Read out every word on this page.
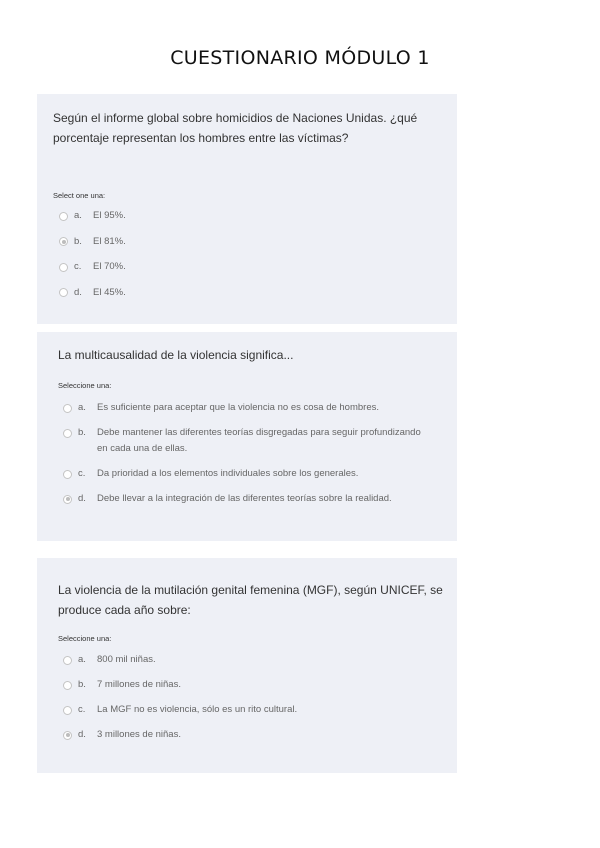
CUESTIONARIO MÓDULO 1
Según el informe global sobre homicidios de Naciones Unidas. ¿qué porcentaje representan los hombres entre las víctimas?
Select one una:
a.	El 95%.
b.	El 81%.
c.	El 70%.
d.	El 45%.
La multicausalidad de la violencia significa...
Seleccione una:
a.	Es suficiente para aceptar que la violencia no es cosa de hombres.
b.	Debe mantener las diferentes teorías disgregadas para seguir profundizando en cada una de ellas.
c.	Da prioridad a los elementos individuales sobre los generales.
d.	Debe llevar a la integración de las diferentes teorías sobre la realidad.
La violencia de la mutilación genital femenina (MGF), según UNICEF, se produce cada año sobre:
Seleccione una:
a.	800 mil niñas.
b.	7 millones de niñas.
c.	La MGF no es violencia, sólo es un rito cultural.
d.	3 millones de niñas.
